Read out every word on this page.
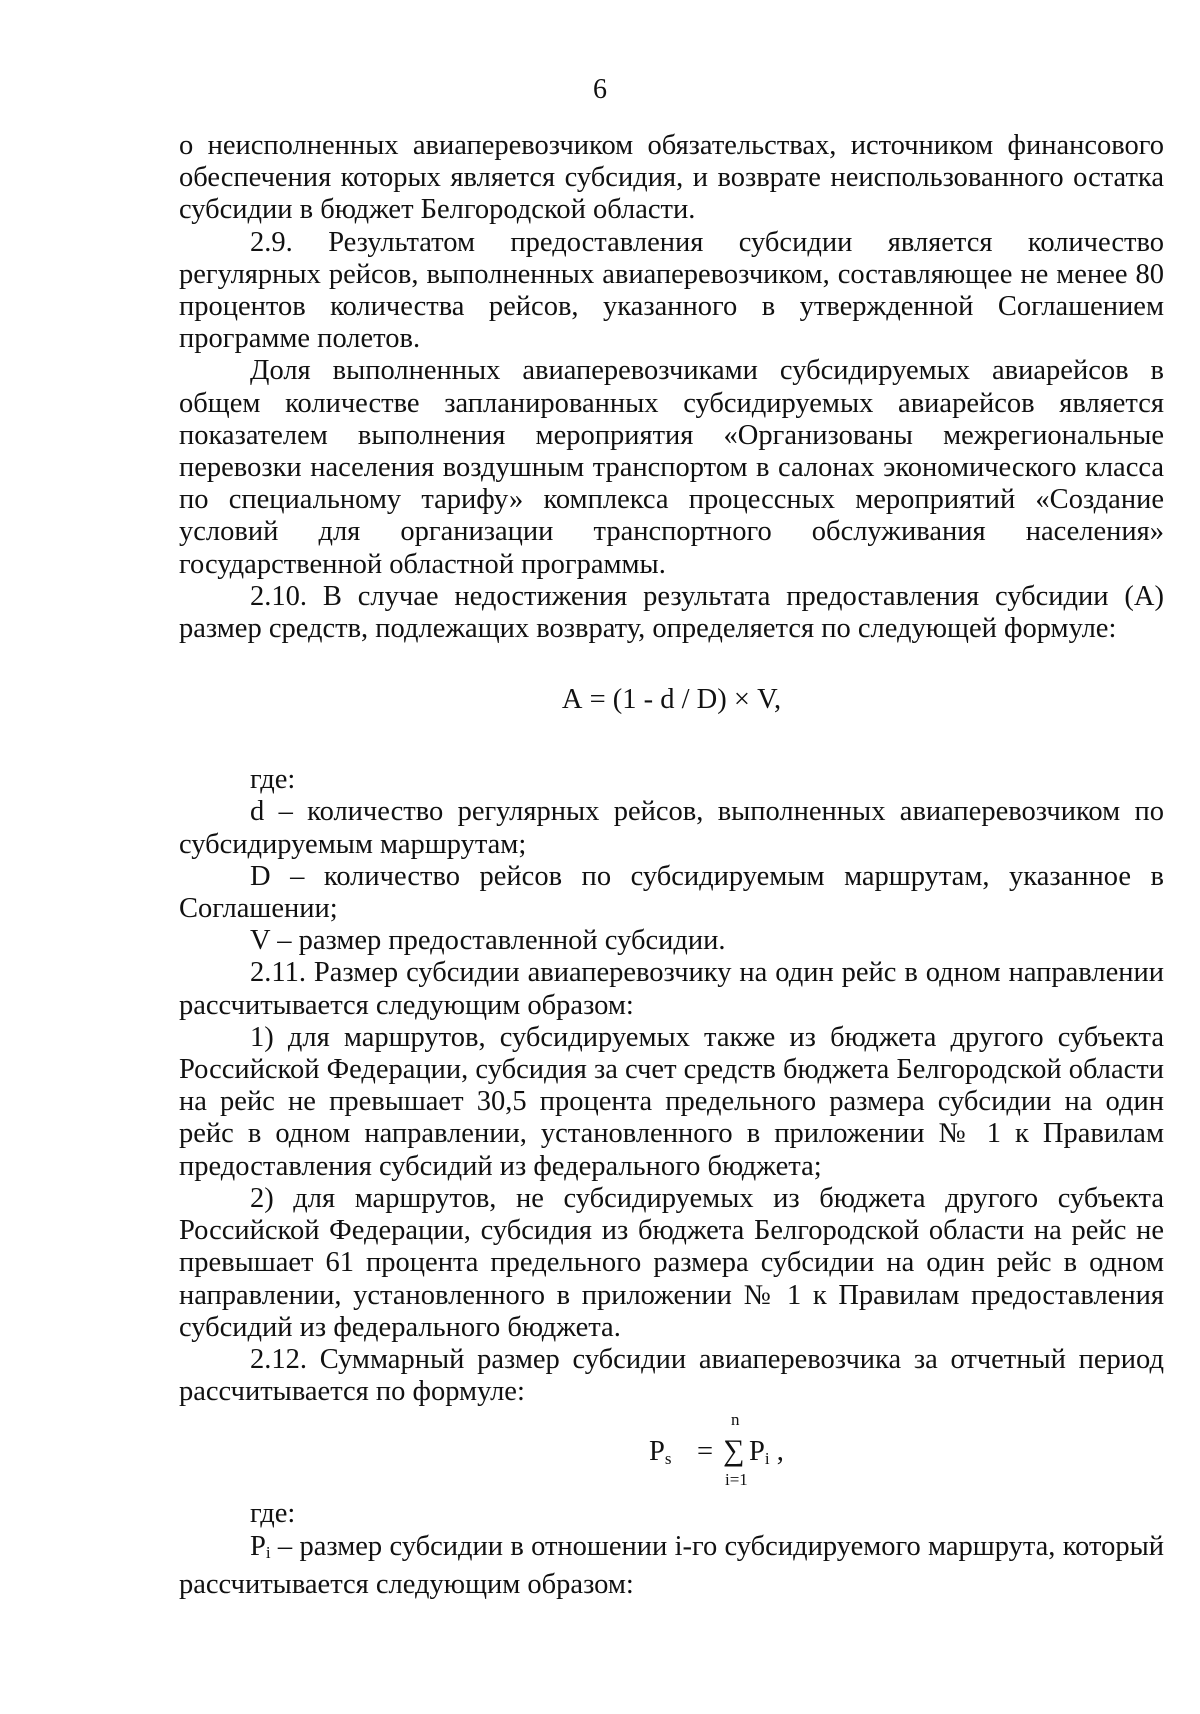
6

о неисполненных авиаперевозчиком обязательствах, источником финансового обеспечения которых является субсидия, и возврате неиспользованного остатка субсидии в бюджет Белгородской области.

2.9. Результатом предоставления субсидии является количество регулярных рейсов, выполненных авиаперевозчиком, составляющее не менее 80 процентов количества рейсов, указанного в утвержденной Соглашением программе полетов.

Доля выполненных авиаперевозчиками субсидируемых авиарейсов в общем количестве запланированных субсидируемых авиарейсов является показателем выполнения мероприятия «Организованы межрегиональные перевозки населения воздушным транспортом в салонах экономического класса по специальному тарифу» комплекса процессных мероприятий «Создание условий для организации транспортного обслуживания населения» государственной областной программы.

2.10. В случае недостижения результата предоставления субсидии (А) размер средств, подлежащих возврату, определяется по следующей формуле:

А = (1 - d / D) × V,

где:

d – количество регулярных рейсов, выполненных авиаперевозчиком по субсидируемым маршрутам;

D – количество рейсов по субсидируемым маршрутам, указанное в Соглашении;

V – размер предоставленной субсидии.

2.11. Размер субсидии авиаперевозчику на один рейс в одном направлении рассчитывается следующим образом:

1) для маршрутов, субсидируемых также из бюджета другого субъекта Российской Федерации, субсидия за счет средств бюджета Белгородской области на рейс не превышает 30,5 процента предельного размера субсидии на один рейс в одном направлении, установленного в приложении № 1 к Правилам предоставления субсидий из федерального бюджета;

2) для маршрутов, не субсидируемых из бюджета другого субъекта Российской Федерации, субсидия из бюджета Белгородской области на рейс не превышает 61 процента предельного размера субсидии на один рейс в одном направлении, установленного в приложении № 1 к Правилам предоставления субсидий из федерального бюджета.

2.12. Суммарный размер субсидии авиаперевозчика за отчетный период рассчитывается по формуле:

$P_s$ =
n
∑
i=1
$P_i$ ,

где:

$P_i$ – размер субсидии в отношении i-го субсидируемого маршрута, который рассчитывается следующим образом:
